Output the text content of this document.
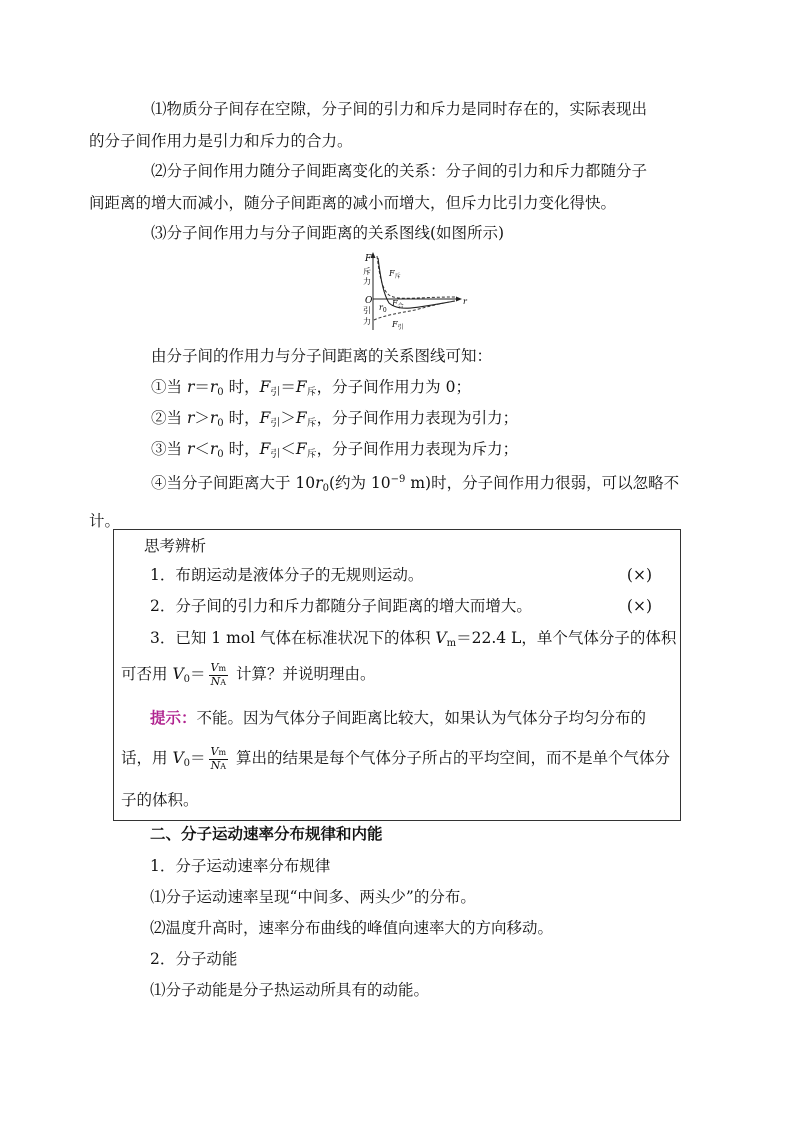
⑴物质分子间存在空隙，分子间的引力和斥力是同时存在的，实际表现出
的分子间作用力是引力和斥力的合力。

⑵分子间作用力随分子间距离变化的关系：分子间的引力和斥力都随分子
间距离的增大而减小，随分子间距离的减小而增大，但斥力比引力变化得快。

⑶分子间作用力与分子间距离的关系图线(如图所示)

F
斥
力
O
引
力
$r_0$
r
$F_斥$
$F_合$
$F_引$

由分子间的作用力与分子间距离的关系图线可知：

①当 $r=r_0$ 时，$F_引=F_斥$，分子间作用力为 0；

②当 $r>r_0$ 时，$F_引>F_斥$，分子间作用力表现为引力；

③当 $r<r_0$ 时，$F_引<F_斥$，分子间作用力表现为斥力；

④当分子间距离大于 $10r_0$(约为 $10^{-9}$ m)时，分子间作用力很弱，可以忽略不
计。

思考辨析

1．布朗运动是液体分子的无规则运动。	(×)

2．分子间的引力和斥力都随分子间距离的增大而增大。	(×)

3．已知 1 mol 气体在标准状况下的体积 $V_m=22.4$ L，单个气体分子的体积

可否用 $V_0= \frac{Vm}{NA}$ 计算？并说明理由。

提示：不能。因为气体分子间距离比较大，如果认为气体分子均匀分布的

话，用 $V_0= \frac{Vm}{NA}$ 算出的结果是每个气体分子所占的平均空间，而不是单个气体分

子的体积。

二、分子运动速率分布规律和内能

1．分子运动速率分布规律

⑴分子运动速率呈现“中间多、两头少”的分布。

⑵温度升高时，速率分布曲线的峰值向速率大的方向移动。

2．分子动能

⑴分子动能是分子热运动所具有的动能。
